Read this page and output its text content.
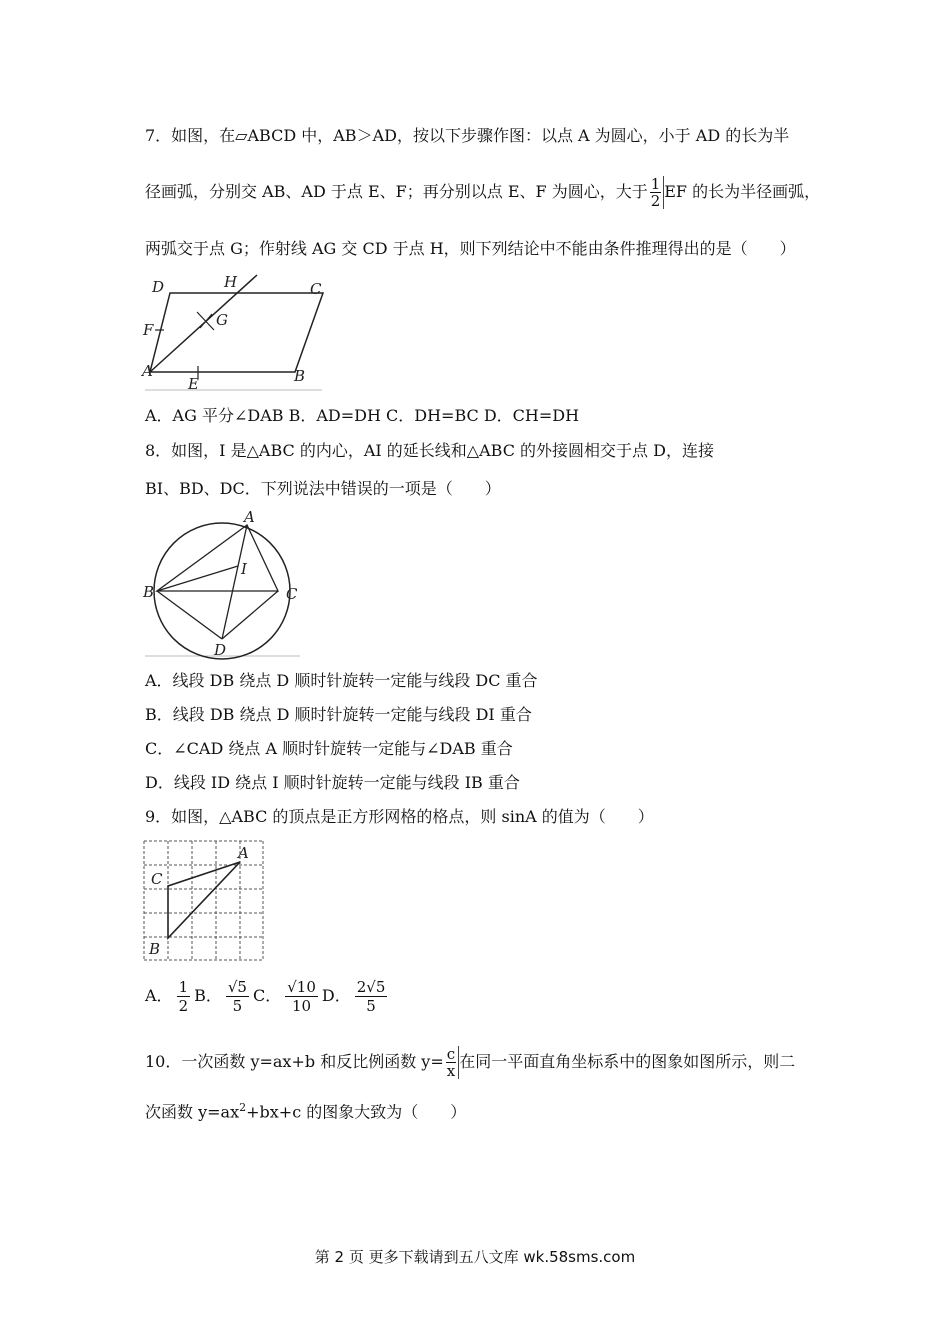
7．如图，在▱ABCD 中，AB＞AD，按以下步骤作图：以点 A 为圆心，小于 AD 的长为半
径画弧，分别交 AB、AD 于点 E、F；再分别以点 E、F 为圆心，大于 $\frac{1}{2}$ EF 的长为半径画弧，
两弧交于点 G；作射线 AG 交 CD 于点 H，则下列结论中不能由条件推理得出的是（　　）
D	H	C
F
G
A
E	B
A．AG 平分∠DAB B．AD=DH C．DH=BC D．CH=DH
8．如图，I 是△ABC 的内心，AI 的延长线和△ABC 的外接圆相交于点 D，连接
BI、BD、DC．下列说法中错误的一项是（　　）
A
B	C
I
D
A．线段 DB 绕点 D 顺时针旋转一定能与线段 DC 重合
B．线段 DB 绕点 D 顺时针旋转一定能与线段 DI 重合
C．∠CAD 绕点 A 顺时针旋转一定能与∠DAB 重合
D．线段 ID 绕点 I 顺时针旋转一定能与线段 IB 重合
9．如图，△ABC 的顶点是正方形网格的格点，则 sinA 的值为（　　）
A
C
B
A． $\frac{1}{2}$ B． $\frac{√5}{5}$ C． $\frac{√10}{10}$ D． $\frac{2√5}{5}$
10．一次函数 y=ax+b 和反比例函数 $y= \frac{c}{x}$ 在同一平面直角坐标系中的图象如图所示，则二
次函数 $y=ax^2+bx+c$ 的图象大致为（　　）
第 2 页 更多下载请到五八文库 wk.58sms.com
